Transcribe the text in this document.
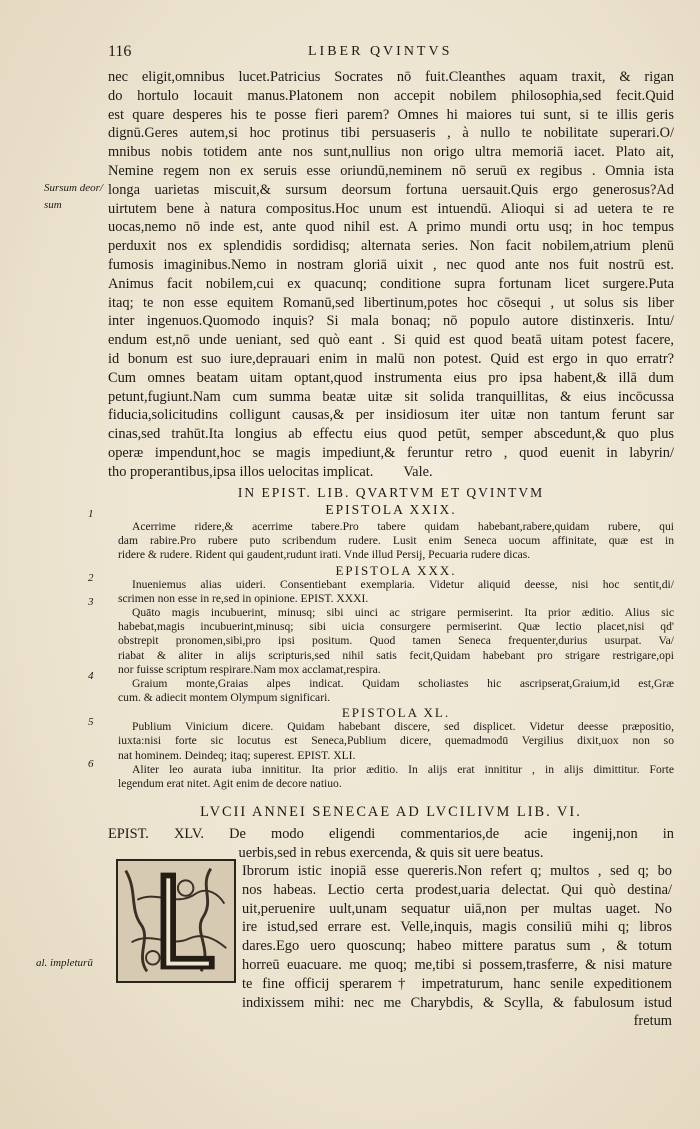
116	LIBER QVINTVS
Sursum deor/
sum
nec eligit,omnibus lucet.Patricius Socrates nō fuit.Cleanthes aquam traxit, & rigan
do hortulo locauit manus.Platonem non accepit nobilem philosophia,sed fecit.Quid
est quare desperes his te posse fieri parem? Omnes hi maiores tui sunt, si te illis geris
dignū.Geres autem,si hoc protinus tibi persuaseris , à nullo te nobilitate superari.O/
mnibus nobis totidem ante nos sunt,nullius non origo ultra memoriā iacet. Plato ait,
Nemine regem non ex seruis esse oriundū,neminem nō seruū ex regibus . Omnia ista
longa uarietas miscuit,& sursum deorsum fortuna uersauit.Quis ergo generosus?Ad
uirtutem bene à natura compositus.Hoc unum est intuendū. Alioqui si ad uetera te re
uocas,nemo nō inde est, ante quod nihil est. A primo mundi ortu usq; in hoc tempus
perduxit nos ex splendidis sordidisq; alternata series. Non facit nobilem,atrium plenū
fumosis imaginibus.Nemo in nostram gloriā uixit , nec quod ante nos fuit nostrū est.
Animus facit nobilem,cui ex quacunq; conditione supra fortunam licet surgere.Puta
itaq; te non esse equitem Romanū,sed libertinum,potes hoc cōsequi , ut solus sis liber
inter ingenuos.Quomodo inquis? Si mala bonaq; nō populo autore distinxeris. Intu/
endum est,nō unde ueniant, sed quò eant . Si quid est quod beatā uitam potest facere,
id bonum est suo iure,deprauari enim in malū non potest. Quid est ergo in quo erratr?
Cum omnes beatam uitam optant,quod instrumenta eius pro ipsa habent,& illā dum
petunt,fugiunt.Nam cum summa beatæ uitæ sit solida tranquillitas, & eius incōcussa
fiducia,solicitudins colligunt causas,& per insidiosum iter uitæ non tantum ferunt sar
cinas,sed trahūt.Ita longius ab effectu eius quod petūt, semper abscedunt,& quo plus
operæ impendunt,hoc se magis impediunt,& feruntur retro , quod euenit in labyrin/
tho properantibus,ipsa illos uelocitas implicat. Vale.
IN EPIST. LIB. QVARTVM ET QVINTVM
EPISTOLA XXIX.
1
2
3
4
5
6
Acerrime ridere,& acerrime tabere.Pro tabere quidam habebant,rabere,quidam rubere, qui
dam rabire.Pro rubere puto scribendum rudere. Lusit enim Seneca uocum affinitate, quæ est in
ridere & rudere. Rident qui gaudent,rudunt irati. Vnde illud Persij, Pecuaria rudere dicas.
EPISTOLA XXX.
Inueniemus alias uideri. Consentiebant exemplaria. Videtur aliquid deesse, nisi hoc sentit,di/
scrimen non esse in re,sed in opinione. EPIST. XXXI.
Quāto magis incubuerint, minusq; sibi uinci ac strigare permiserint. Ita prior æditio. Alius sic
habebat,magis incubuerint,minusq; sibi uicia consurgere permiserint. Quæ lectio placet,nisi qd'
obstrepit pronomen,sibi,pro ipsi positum. Quod tamen Seneca frequenter,durius usurpat. Va/
riabat & aliter in alijs scripturis,sed nihil satis fecit,Quidam habebant pro strigare restrigare,opi
nor fuisse scriptum respirare.Nam mox acclamat,respira.
Graium monte,Graias alpes indicat. Quidam scholiastes hic ascripserat,Graium,id est,Græ
cum. & adiecit montem Olympum significari.
EPISTOLA XL.
Publium Vinicium dicere. Quidam habebant discere, sed displicet. Videtur deesse præpositio,
iuxta:nisi forte sic locutus est Seneca,Publium dicere, quemadmodū Vergilius dixit,uox non so
nat hominem. Deindeq; itaq; superest. EPIST. XLI.
Aliter leo aurata iuba innititur. Ita prior æditio. In alijs erat innititur , in alijs dimittitur. Forte
legendum erat nitet. Agit enim de decore natiuo.
LVCII ANNEI SENECAE AD LVCILIVM LIB. VI.
EPIST. XLV. De modo eligendi commentarios,de acie ingenij,non in
uerbis,sed in rebus exercenda, & quis sit uere beatus.
al. impleturū
Ibrorum istic inopiā esse quereris.Non refert q; multos , sed q; bo
nos habeas. Lectio certa prodest,uaria delectat. Qui quò destina/
uit,peruenire uult,unam sequatur uiā,non per multas uaget. No
ire istud,sed errare est. Velle,inquis, magis consiliū mihi q; libros
dares.Ego uero quoscunq; habeo mittere paratus sum , & totum
horreū euacuare. me quoq; me,tibi si possem,trasferre, & nisi mature
te fine officij sperarem† impetraturum, hanc senile expeditionem
indixissem mihi: nec me Charybdis, & Scylla, & fabulosum istud
fretum
